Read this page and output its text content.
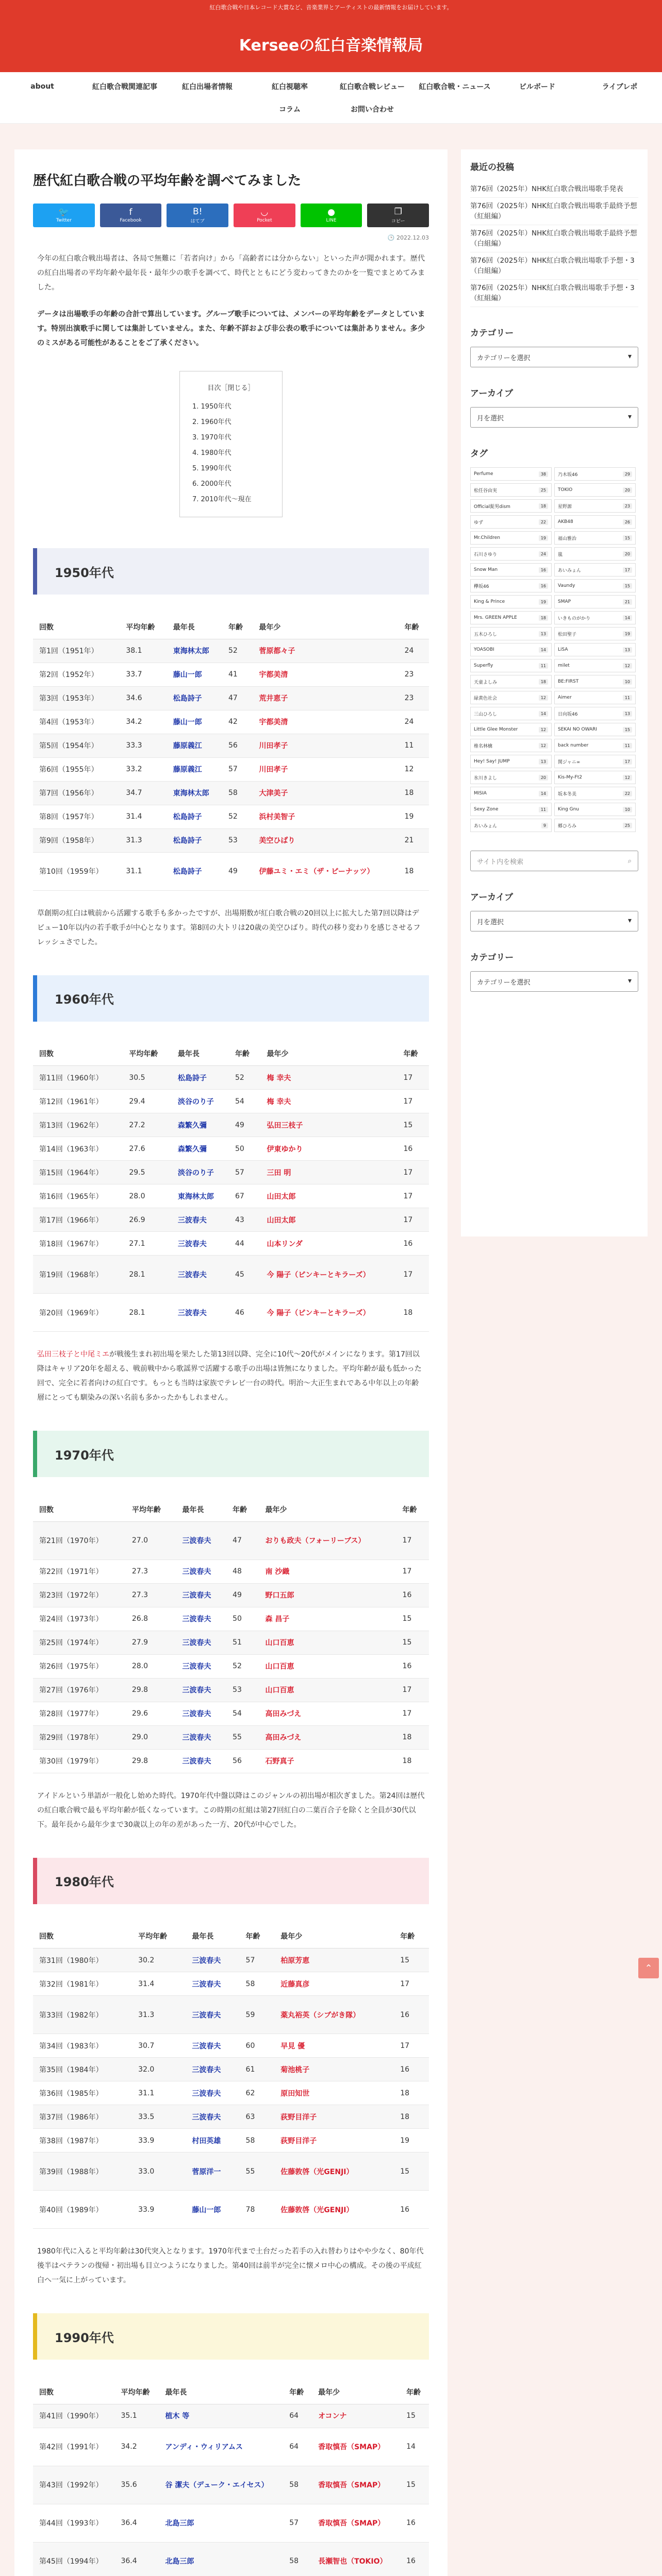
紅白歌合戦や日本レコード大賞など、音楽業界とアーティストの最新情報をお届けしています。
Kerseeの紅白音楽情報局
about	紅白歌合戦関連記事	紅白出場者情報	紅白視聴率	紅白歌合戦レビュー	紅白歌合戦・ニュース	ビルボード	ライブレポ
コラム	お問い合わせ
歴代紅白歌合戦の平均年齢を調べてみました
🐦
Twitter
f
Facebook
B!
はてブ
◡
Pocket
●
LINE
❐
コピー
🕒 2022.12.03

今年の紅白歌合戦出場者は、各局で無難に「若者向け」から「高齢者には分からない」といった声が聞かれます。歴代の紅白出場者の平均年齢や最年長・最年少の歌手を調べて、時代とともにどう変わってきたのかを一覧でまとめてみました。

データは出場歌手の年齢の合計で算出しています。グループ歌手については、メンバーの平均年齢をデータとしています。特別出演歌手に関しては集計していません。また、年齢不詳および非公表の歌手については集計ありません。多少のミスがある可能性があることをご了承ください。

目次［閉じる］
1. 1950年代
2. 1960年代
3. 1970年代
4. 1980年代
5. 1990年代
6. 2000年代
7. 2010年代〜現在
1950年代
回数	平均年齢	最年長	年齢	最年少	年齢
第1回（1951年）	38.1	東海林太郎	52	菅原都々子	24
第2回（1952年）	33.7	藤山一郎	41	宇都美清	23
第3回（1953年）	34.6	松島詩子	47	荒井恵子	23
第4回（1953年）	34.2	藤山一郎	42	宇都美清	24
第5回（1954年）	33.3	藤原義江	56	川田孝子	11
第6回（1955年）	33.2	藤原義江	57	川田孝子	12
第7回（1956年）	34.7	東海林太郎	58	大津美子	18
第8回（1957年）	31.4	松島詩子	52	浜村美智子	19
第9回（1958年）	31.3	松島詩子	53	美空ひばり	21
第10回（1959年）	31.1	松島詩子	49	伊藤ユミ・エミ（ザ・ピーナッツ）	18

草創期の紅白は戦前から活躍する歌手も多かったですが、出場期数が紅白歌合戦の20回以上に拡大した第7回以降はデビュー10年以内の若手歌手が中心となります。第8回の大トリは20歳の美空ひばり。時代の移り変わりを感じさせるフレッシュさでした。

1960年代
回数	平均年齢	最年長	年齢	最年少	年齢
第11回（1960年）	30.5	松島詩子	52	梅 幸夫	17
第12回（1961年）	29.4	淡谷のり子	54	梅 幸夫	17
第13回（1962年）	27.2	森繁久彌	49	弘田三枝子	15
第14回（1963年）	27.6	森繁久彌	50	伊東ゆかり	16
第15回（1964年）	29.5	淡谷のり子	57	三田 明	17
第16回（1965年）	28.0	東海林太郎	67	山田太郎	17
第17回（1966年）	26.9	三波春夫	43	山田太郎	17
第18回（1967年）	27.1	三波春夫	44	山本リンダ	16
第19回（1968年）	28.1	三波春夫	45	今 陽子（ピンキーとキラーズ）	17
第20回（1969年）	28.1	三波春夫	46	今 陽子（ピンキーとキラーズ）	18

弘田三枝子と中尾ミエが戦後生まれ初出場を果たした第13回以降、完全に10代〜20代がメインになります。第17回以降はキャリア20年を超える、戦前戦中から歌謡界で活躍する歌手の出場は皆無になりました。平均年齢が最も低かった回で、完全に若者向けの紅白です。もっとも当時は家族でテレビ一台の時代。明治〜大正生まれである中年以上の年齢層にとっても馴染みの深い名前も多かったかもしれません。

1970年代
回数	平均年齢	最年長	年齢	最年少	年齢
第21回（1970年）	27.0	三波春夫	47	おりも政夫（フォーリーブス）	17
第22回（1971年）	27.3	三波春夫	48	南 沙織	17
第23回（1972年）	27.3	三波春夫	49	野口五郎	16
第24回（1973年）	26.8	三波春夫	50	森 昌子	15
第25回（1974年）	27.9	三波春夫	51	山口百恵	15
第26回（1975年）	28.0	三波春夫	52	山口百恵	16
第27回（1976年）	29.8	三波春夫	53	山口百恵	17
第28回（1977年）	29.6	三波春夫	54	高田みづえ	17
第29回（1978年）	29.0	三波春夫	55	高田みづえ	18
第30回（1979年）	29.8	三波春夫	56	石野真子	18

アイドルという単語が一般化し始めた時代。1970年代中盤以降はこのジャンルの初出場が相次ぎました。第24回は歴代の紅白歌合戦で最も平均年齢が低くなっています。この時期の紅組は第27回紅白の二葉百合子を除くと全員が30代以下。最年長から最年少まで30歳以上の年の差があった一方、20代が中心でした。

1980年代
回数	平均年齢	最年長	年齢	最年少	年齢
第31回（1980年）	30.2	三波春夫	57	柏原芳恵	15
第32回（1981年）	31.4	三波春夫	58	近藤真彦	17
第33回（1982年）	31.3	三波春夫	59	薬丸裕英（シブがき隊）	16
第34回（1983年）	30.7	三波春夫	60	早見 優	17
第35回（1984年）	32.0	三波春夫	61	菊池桃子	16
第36回（1985年）	31.1	三波春夫	62	原田知世	18
第37回（1986年）	33.5	三波春夫	63	荻野目洋子	18
第38回（1987年）	33.9	村田英雄	58	荻野目洋子	19
第39回（1988年）	33.0	菅原洋一	55	佐藤敦啓（光GENJI）	15
第40回（1989年）	33.9	藤山一郎	78	佐藤敦啓（光GENJI）	16

1980年代に入ると平均年齢は30代突入となります。1970年代まで土台だった若手の入れ替わりはやや少なく、80年代後半はベテランの復帰・初出場も目立つようになりました。第40回は前半が完全に懐メロ中心の構成。その後の平成紅白へ一気に上がっています。

1990年代
回数	平均年齢	最年長	年齢	最年少	年齢
第41回（1990年）	35.1	植木 等	64	オコンナ	15
第42回（1991年）	34.2	アンディ・ウィリアムス	64	香取慎吾（SMAP）	14
第43回（1992年）	35.6	谷 潔夫（デューク・エイセス）	58	香取慎吾（SMAP）	15
第44回（1993年）	36.4	北島三郎	57	香取慎吾（SMAP）	16
第45回（1994年）	36.4	北島三郎	58	長瀬智也（TOKIO）	16

最近の投稿
第76回（2025年）NHK紅白歌合戦出場歌手発表
第76回（2025年）NHK紅白歌合戦出場歌手最終予想（紅組編）
第76回（2025年）NHK紅白歌合戦出場歌手最終予想（白組編）
第76回（2025年）NHK紅白歌合戦出場歌手予想・3（白組編）
第76回（2025年）NHK紅白歌合戦出場歌手予想・3（紅組編）
カテゴリー
カテゴリーを選択 ▾
アーカイブ
月を選択 ▾
タグ
Perfume	38	乃木坂46	29
松任谷由実	25	TOKIO	20
Official髭男dism	18	星野源	23
ゆず	22	AKB48	26
Mr.Children	19	福山雅治	15
石川さゆり	24	嵐	20
Snow Man	16	あいみょん	17
欅坂46	16	Vaundy	15
King & Prince	19	SMAP	21
Mrs. GREEN APPLE	18	いきものがかり	14
五木ひろし	13	松田聖子	19
YOASOBI	14	LiSA	13
Superfly	11	milet	12
天童よしみ	18	BE:FIRST	10
緑黄色社会	12	Aimer	11
三山ひろし	14	日向坂46	13
Little Glee Monster	12	SEKAI NO OWARI	15
椎名林檎	12	back number	11
Hey! Say! JUMP	13	関ジャニ∞	17
氷川きよし	20	Kis-My-Ft2	12
MISIA	14	坂本冬美	22
Sexy Zone	11	King Gnu	10
あいみょん	9	郷ひろみ	25
サイト内を検索	⌕
アーカイブ
月を選択 ▾
カテゴリー
カテゴリーを選択 ▾
⌃
